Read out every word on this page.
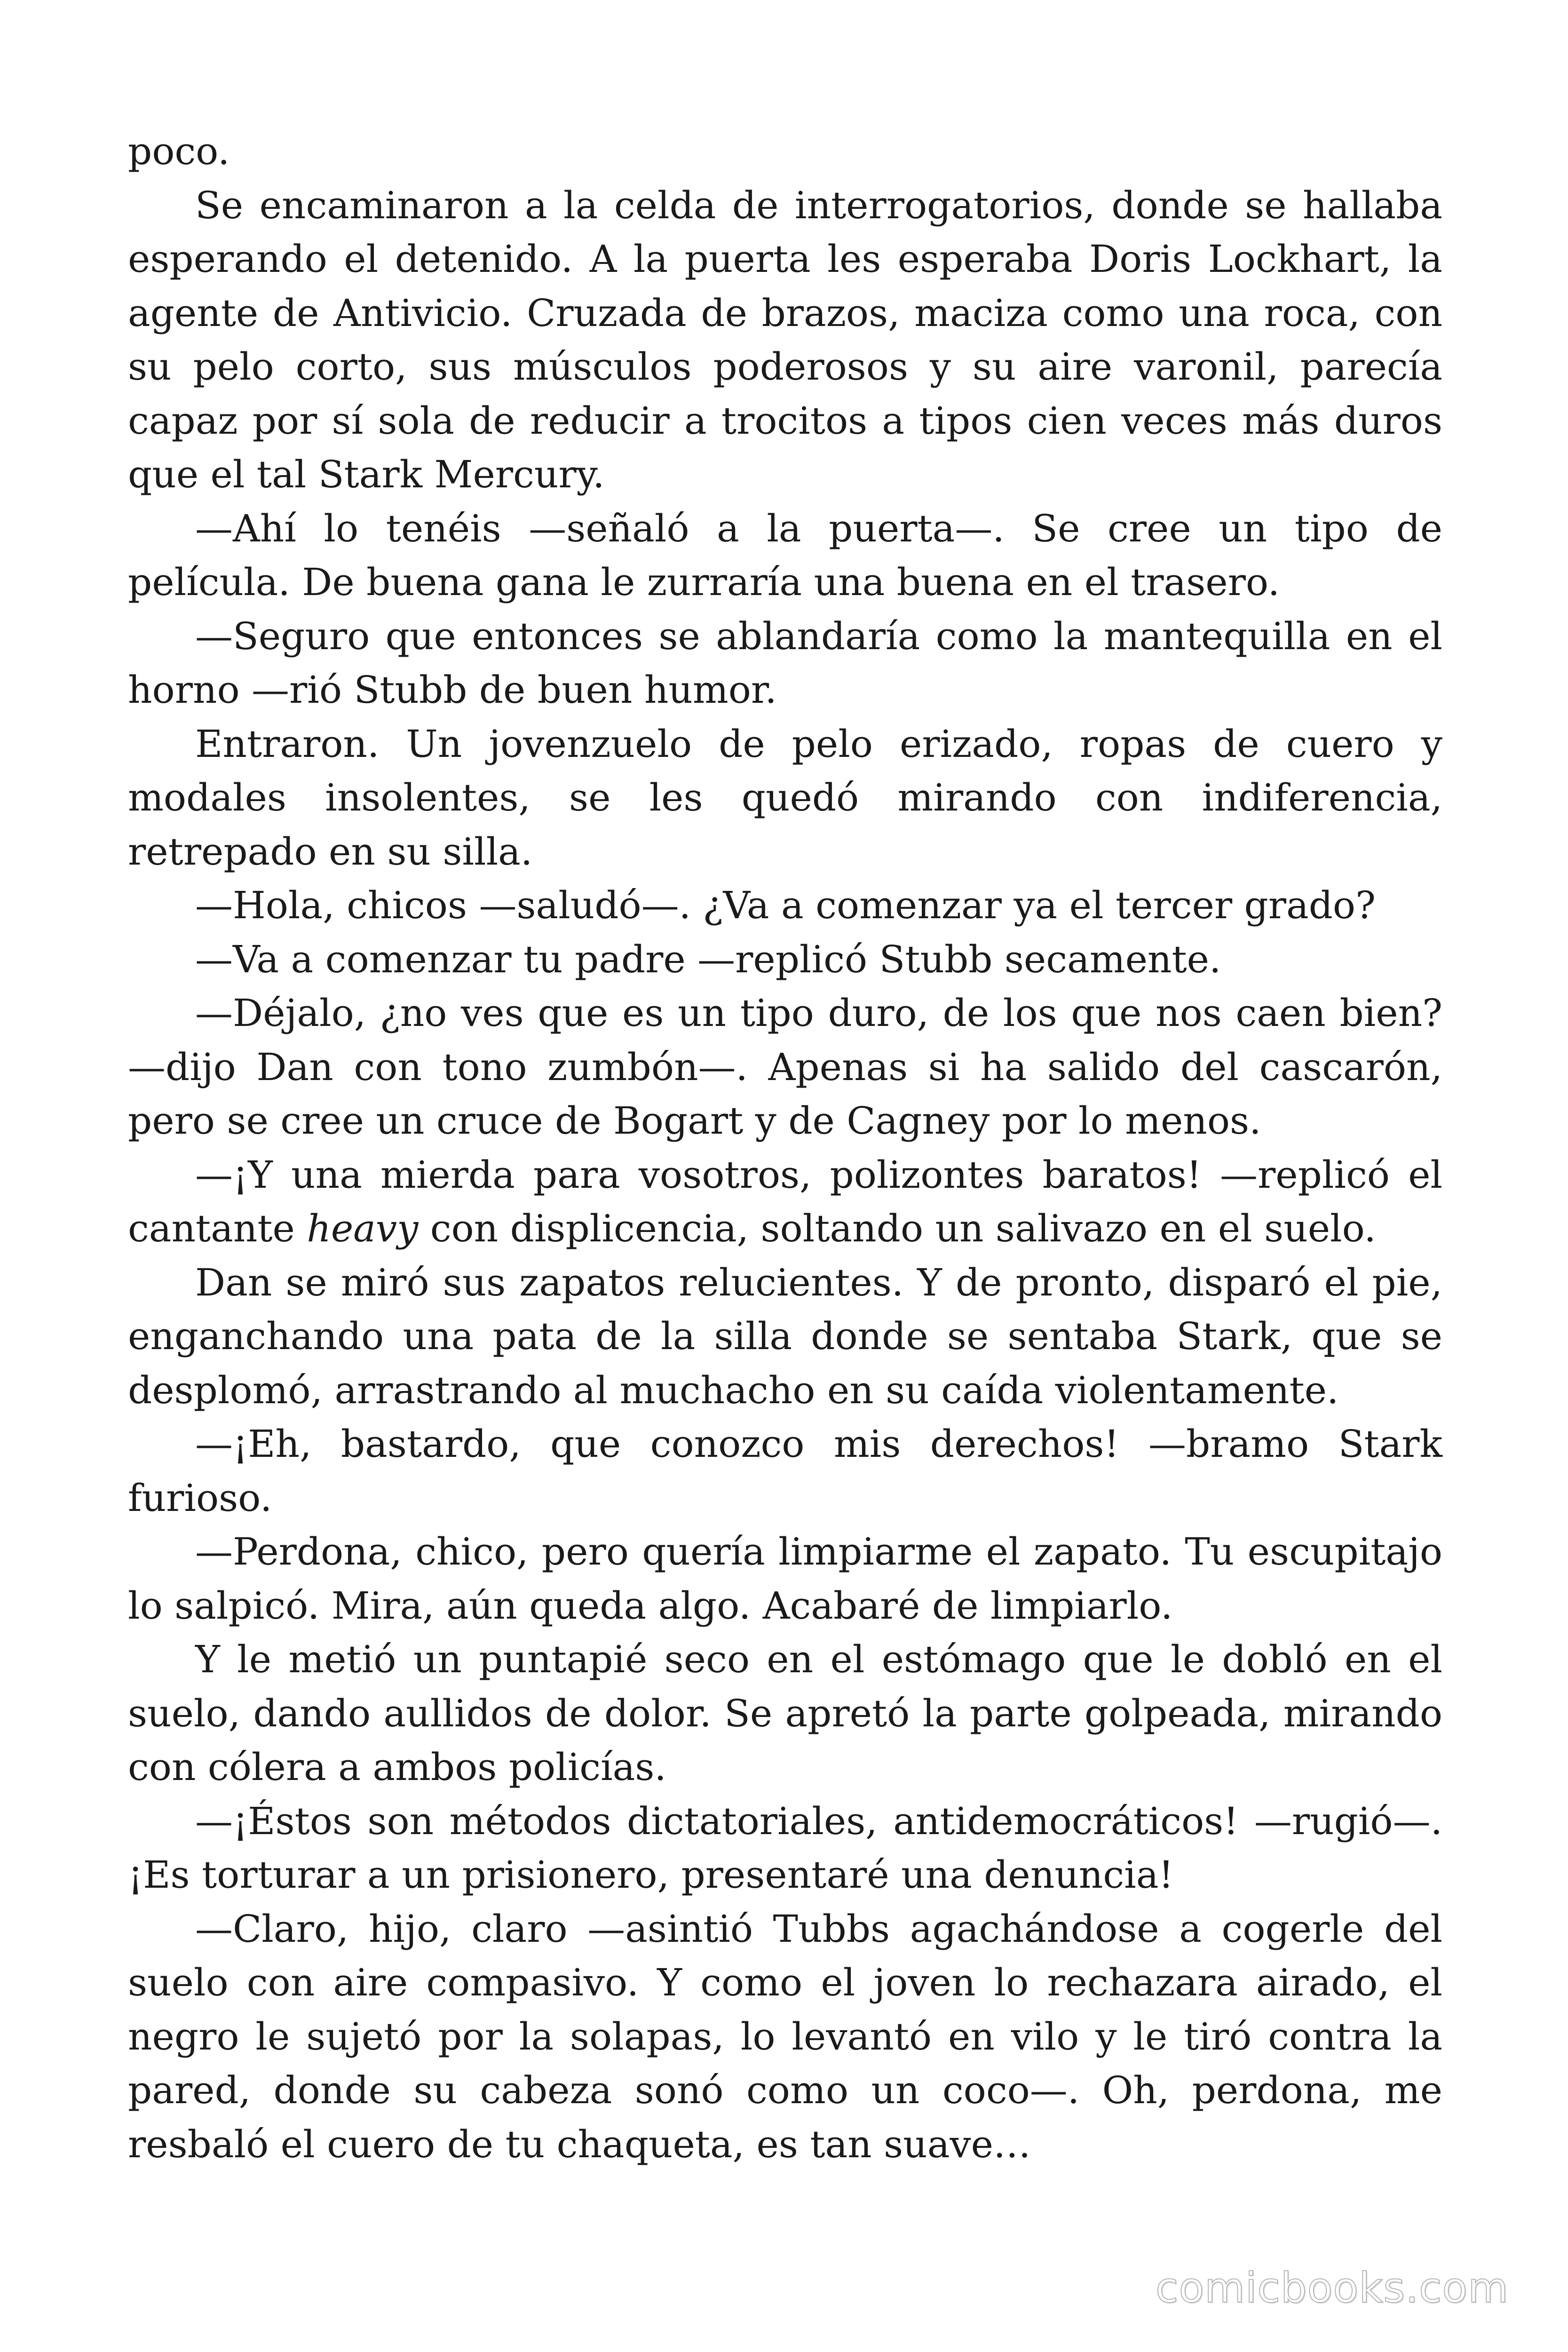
poco.

Se encaminaron a la celda de interrogatorios, donde se hallaba esperando el detenido. A la puerta les esperaba Doris Lockhart, la agente de Antivicio. Cruzada de brazos, maciza como una roca, con su pelo corto, sus músculos poderosos y su aire varonil, parecía capaz por sí sola de reducir a trocitos a tipos cien veces más duros que el tal Stark Mercury.

—Ahí lo tenéis —señaló a la puerta—. Se cree un tipo de película. De buena gana le zurraría una buena en el trasero.

—Seguro que entonces se ablandaría como la mantequilla en el horno —rió Stubb de buen humor.

Entraron. Un jovenzuelo de pelo erizado, ropas de cuero y modales insolentes, se les quedó mirando con indiferencia, retrepado en su silla.

—Hola, chicos —saludó—. ¿Va a comenzar ya el tercer grado?

—Va a comenzar tu padre —replicó Stubb secamente.

—Déjalo, ¿no ves que es un tipo duro, de los que nos caen bien? —dijo Dan con tono zumbón—. Apenas si ha salido del cascarón, pero se cree un cruce de Bogart y de Cagney por lo menos.

—¡Y una mierda para vosotros, polizontes baratos! —replicó el cantante heavy con displicencia, soltando un salivazo en el suelo.

Dan se miró sus zapatos relucientes. Y de pronto, disparó el pie, enganchando una pata de la silla donde se sentaba Stark, que se desplomó, arrastrando al muchacho en su caída violentamente.

—¡Eh, bastardo, que conozco mis derechos! —bramo Stark furioso.

—Perdona, chico, pero quería limpiarme el zapato. Tu escupitajo lo salpicó. Mira, aún queda algo. Acabaré de limpiarlo.

Y le metió un puntapié seco en el estómago que le dobló en el suelo, dando aullidos de dolor. Se apretó la parte golpeada, mirando con cólera a ambos policías.

—¡Éstos son métodos dictatoriales, antidemocráticos! —rugió—. ¡Es torturar a un prisionero, presentaré una denuncia!

—Claro, hijo, claro —asintió Tubbs agachándose a cogerle del suelo con aire compasivo. Y como el joven lo rechazara airado, el negro le sujetó por la solapas, lo levantó en vilo y le tiró contra la pared, donde su cabeza sonó como un coco—. Oh, perdona, me resbaló el cuero de tu chaqueta, es tan suave…

comicbooks.com
